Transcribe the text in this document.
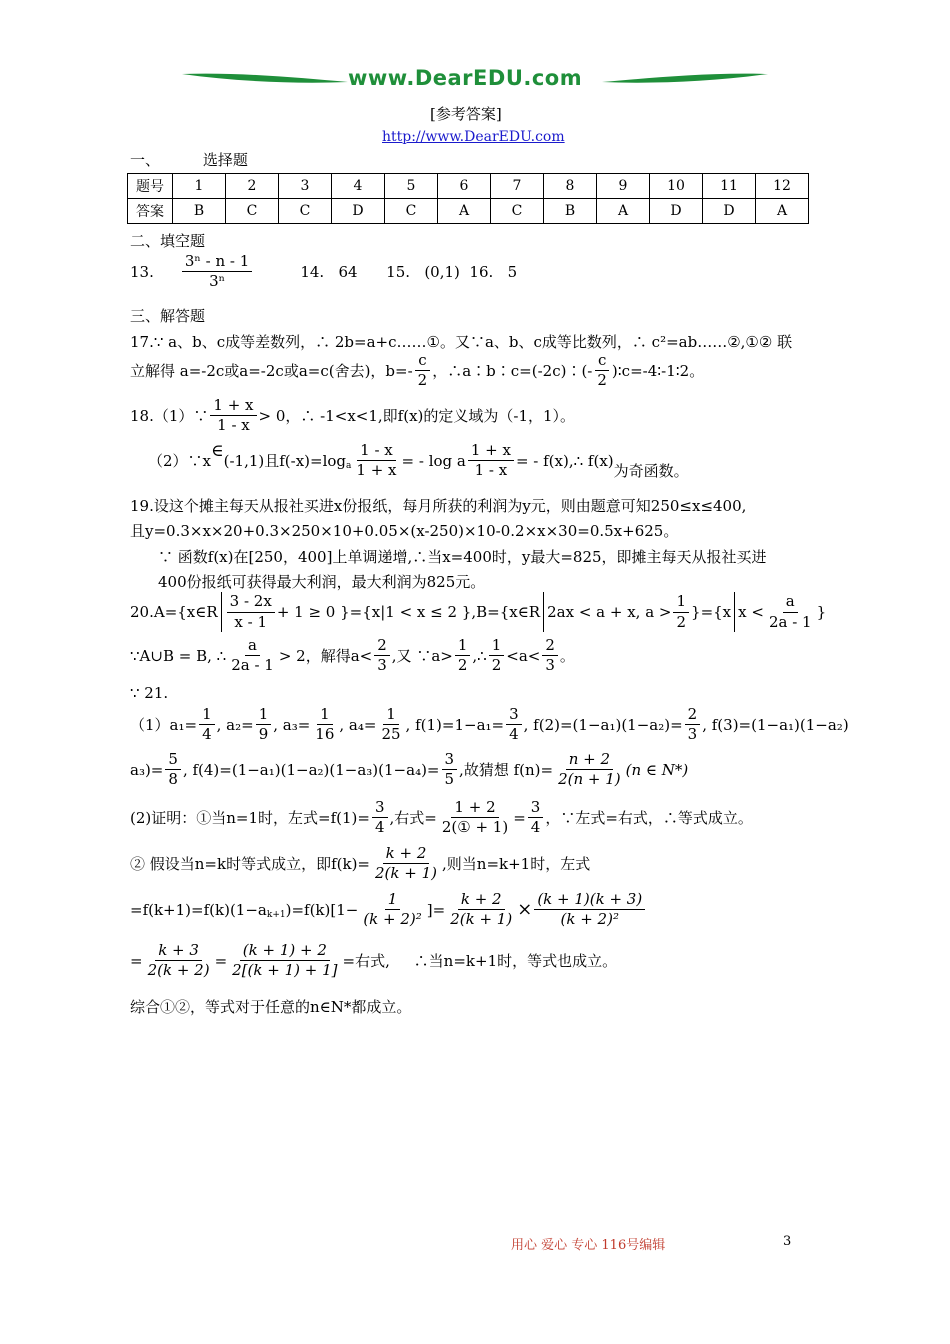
www.DearEDU.com
[参考答案]
http://www.DearEDU.com
一、         选择题
题号	1	2	3	4	5	6	7	8	9	10	11	12
答案	B	C	C	D	C	A	C	B	A	D	D	A
二、填空题
13. $\frac{\text{3ⁿ - n - 1}}{\text{3ⁿ}}$	14.   64      15.   (0,1)  16.   5
三、解答题
17.∵ a、b、c成等差数列，∴ 2b=a+c……①。又∵a、b、c成等比数列，∴ c²=ab……②,①② 联
立解得 a=-2c或a=-2c或a=c(舍去)，$b=- \frac{c}{2}$ ，∴a∶b∶c=(-2c)∶(- $\frac{c}{2}$ )∶c=-4∶-1∶2。
18.（1）∵ $\frac{1 + x}{1 - x} > 0$，∴ -1<x<1,即f(x)的定义域为（-1，1）。
（2）∵x
∈
(-1,1)且$f(-x)=\log_a \frac{1 - x}{1 + x}$ = - log a $\frac{1 + x}{1 - x}$ = - f(x),∴ f(x)
为奇函数。
19.设这个摊主每天从报社买进x份报纸，每月所获的利润为y元，则由题意可知250≤x≤400,
且y=0.3×x×20+0.3×250×10+0.05×(x-250)×10-0.2×x×30=0.5x+625。
∵ 函数f(x)在[250，400]上单调递增,∴当x=400时，y最大=825，即摊主每天从报社买进
400份报纸可获得最大利润，最大利润为825元。
20.A={x∈R $\frac{3 - 2x}{x - 1} + 1 \ge 0$ }={x|1 < x ≤ 2 },B={x∈R 2ax < a + x, $a > \frac{1}{2} \}=\{x$ $x < \frac{a}{2a - 1}$ }
∵A∪B = B, ∴ $\frac{a}{2a - 1} > 2$，解得$a< \frac{2}{3}$ ,又 ∵a> $\frac{1}{2}$ ,∴ $\frac{1}{2} <a< \frac{2}{3}$ 。
∵ 21.
$(1)a_1= \frac{1}{4}$ , $a_2= \frac{1}{9}$ , $a_3= \frac{1}{16}$ , $a_4= \frac{1}{25}$ , $f(1)=1-a_1= \frac{3}{4}$ , $f(2)=(1-a_1)(1-a_2)= \frac{2}{3}$ , f(3)=(1−a₁)(1−a₂)
$a_3)= \frac{5}{8}$ , $f(4)=(1-a_1)(1-a_2)(1-a_3)(1-a_4)= \frac{3}{5}$ ,故猜想 $f(n)= \frac{n + 2}{2(n + 1)} (n$ ∈ N*)
(2)证明：①当n=1时，左式$=f(1)= \frac{3}{4}$ ,右式= $\frac{1 + 2}{\text{2(① + 1)}} = \frac{3}{4}$ ，∵左式=右式，∴等式成立。
② 假设当n=k时等式成立，即$f(k)= \frac{k + 2}{2(k + 1)}$ ,则当n=k+1时，左式
$=f(k+1)=f(k)(1-a_{k+1}$ )$=f(k)[1- \frac{1}{\text{(k + 2)²}}$ ]= $\frac{k + 2}{2(k + 1)} \times \frac{(k + 1)(k + 3)}{\text{(k + 2)²}}$
= $\frac{k + 3}{2(k + 2)} = \frac{(k + 1) + 2}{2[(k + 1) + 1]}$ =右式,     ∴当n=k+1时，等式也成立。
综合①②，等式对于任意的n∈N*都成立。
用心 爱心 专心 116号编辑	3
